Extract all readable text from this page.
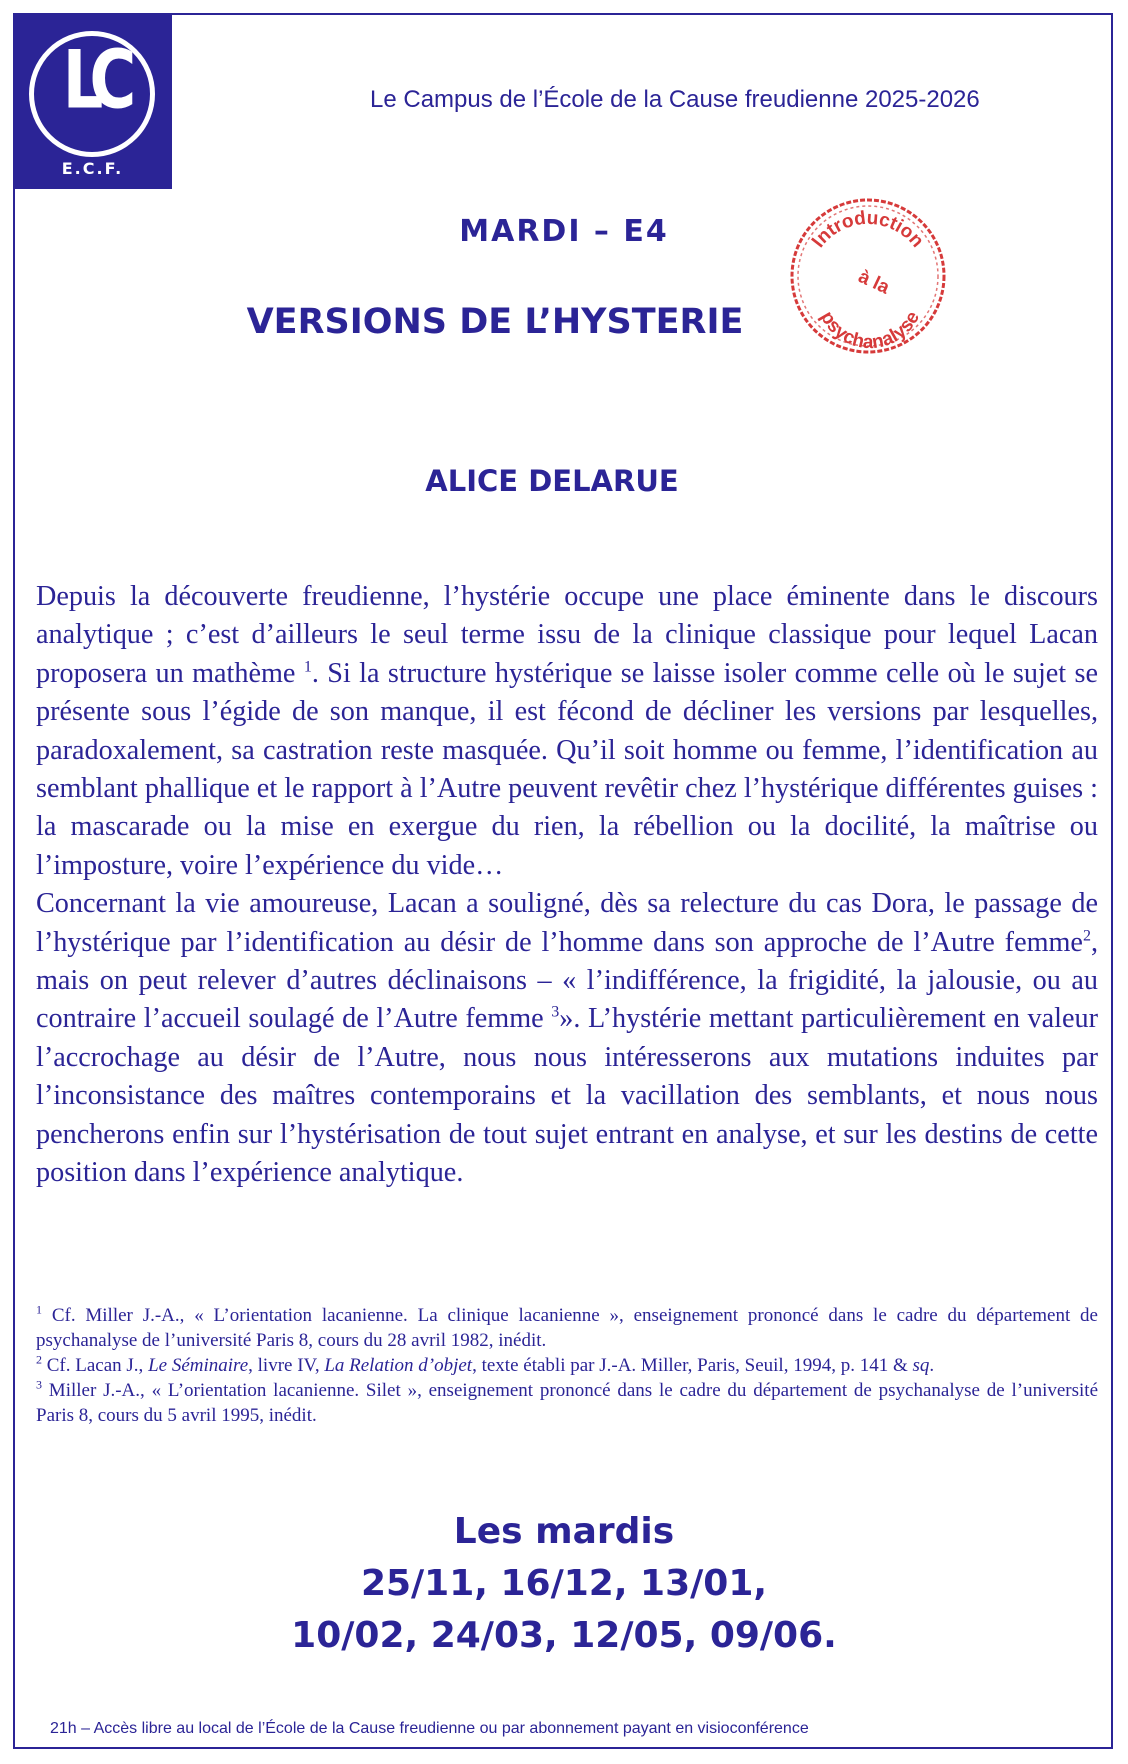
LC
E.C.F.
Le Campus de l’École de la Cause freudienne 2025-2026
MARDI – E4
VERSIONS DE L’HYSTERIE
Introduction
à la
psychanalyse
ALICE DELARUE

Depuis la découverte freudienne, l’hystérie occupe une place éminente dans le discours analytique ; c’est d’ailleurs le seul terme issu de la clinique classique pour lequel Lacan proposera un mathème $^1$. Si la structure hystérique se laisse isoler comme celle où le sujet se présente sous l’égide de son manque, il est fécond de décliner les versions par lesquelles, paradoxalement, sa castration reste masquée. Qu’il soit homme ou femme, l’identification au semblant phallique et le rapport à l’Autre peuvent revêtir chez l’hystérique différentes guises : la mascarade ou la mise en exergue du rien, la rébellion ou la docilité, la maîtrise ou l’imposture, voire l’expérience du vide…

Concernant la vie amoureuse, Lacan a souligné, dès sa relecture du cas Dora, le passage de l’hystérique par l’identification au désir de l’homme dans son approche de l’Autre femme$^2$, mais on peut relever d’autres déclinaisons – « l’indifférence, la frigidité, la jalousie, ou au contraire l’accueil soulagé de l’Autre femme $^3$». L’hystérie mettant particulièrement en valeur l’accrochage au désir de l’Autre, nous nous intéresserons aux mutations induites par l’inconsistance des maîtres contemporains et la vacillation des semblants, et nous nous pencherons enfin sur l’hystérisation de tout sujet entrant en analyse, et sur les destins de cette position dans l’expérience analytique.

$^1$ Cf. Miller J.-A., « L’orientation lacanienne. La clinique lacanienne », enseignement prononcé dans le cadre du département de psychanalyse de l’université Paris 8, cours du 28 avril 1982, inédit.

$^2$ Cf. Lacan J., Le Séminaire, livre IV, La Relation d’objet, texte établi par J.-A. Miller, Paris, Seuil, 1994, p. 141 & sq.

$^3$ Miller J.-A., « L’orientation lacanienne. Silet », enseignement prononcé dans le cadre du département de psychanalyse de l’université Paris 8, cours du 5 avril 1995, inédit.

Les mardis
25/11, 16/12, 13/01,
10/02, 24/03, 12/05, 09/06.
21h – Accès libre au local de l’École de la Cause freudienne ou par abonnement payant en visioconférence
